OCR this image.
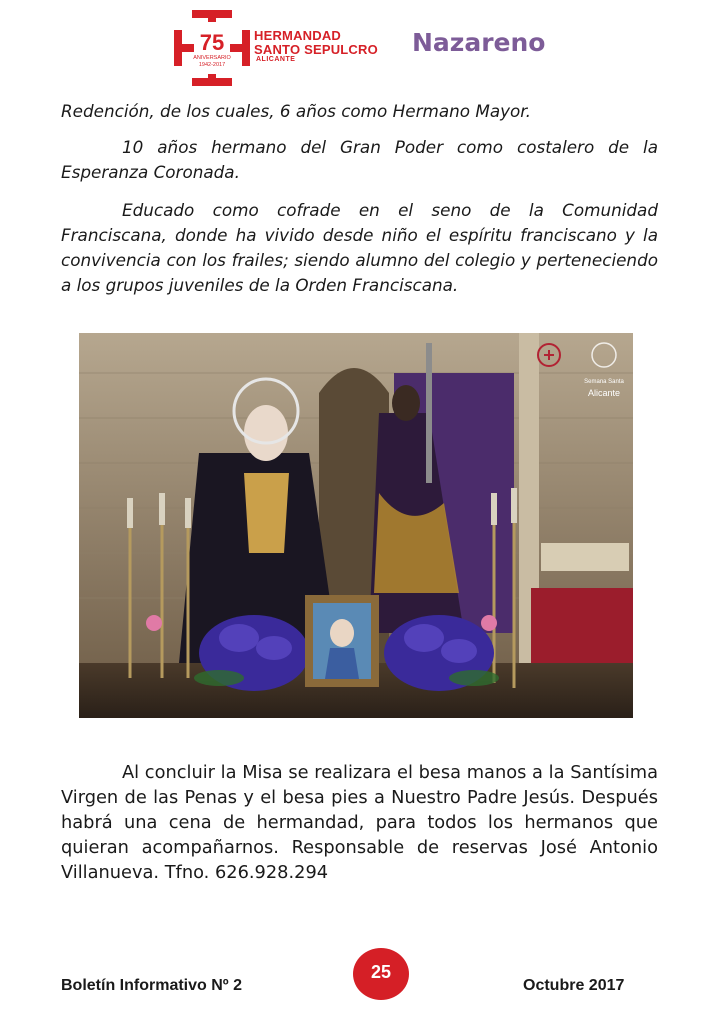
75
ANIVERSARIO
1942-2017
HERMANDAD
SANTO SEPULCRO
ALICANTE
Nazareno

Redención, de los cuales, 6 años como Hermano Mayor.

10 años hermano del Gran Poder como costalero de la Esperanza Coronada.

Educado como cofrade en el seno de la Comunidad Franciscana, donde ha vivido desde niño el espíritu franciscano y la convivencia con los frailes; siendo alumno del colegio y perteneciendo a los grupos juveniles de la Orden Franciscana.

Semana Santa
Alicante

Al concluir la Misa se realizara el besa manos a la Santísima Virgen de las Penas y el besa pies a Nuestro Padre Jesús. Después habrá una cena de hermandad, para todos los hermanos que quieran acompañarnos. Responsable de reservas José Antonio Villanueva. Tfno. 626.928.294

Boletín Informativo Nº 2
25
Octubre 2017
